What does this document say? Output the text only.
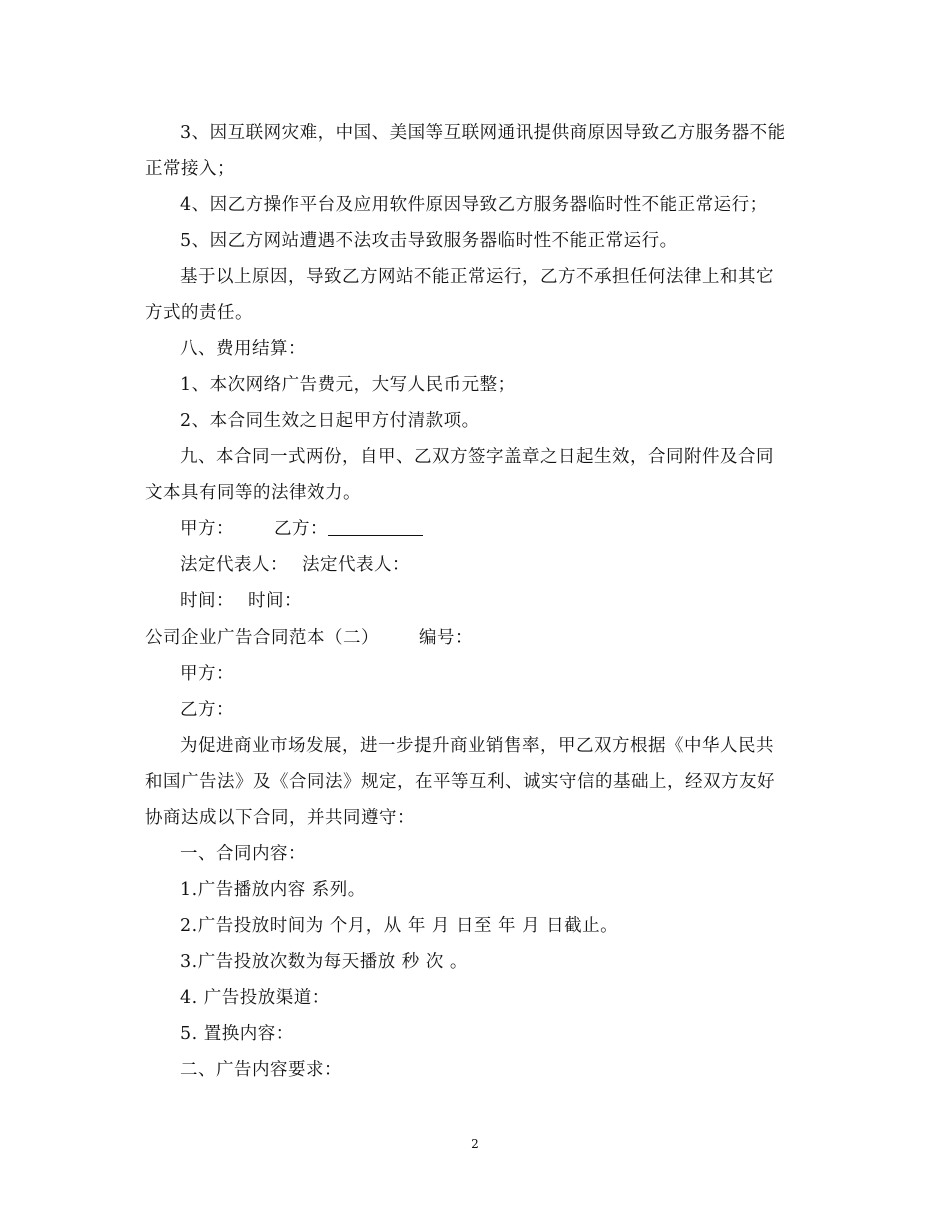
3、因互联网灾难，中国、美国等互联网通讯提供商原因导致乙方服务器不能
正常接入；
4、因乙方操作平台及应用软件原因导致乙方服务器临时性不能正常运行；
5、因乙方网站遭遇不法攻击导致服务器临时性不能正常运行。
基于以上原因，导致乙方网站不能正常运行，乙方不承担任何法律上和其它
方式的责任。
八、费用结算：
1、本次网络广告费元，大写人民币元整；
2、本合同生效之日起甲方付清款项。
九、本合同一式两份，自甲、乙双方签字盖章之日起生效，合同附件及合同
文本具有同等的法律效力。
甲方： 乙方：
法定代表人： 法定代表人：
时间： 时间：
公司企业广告合同范本（二） 编号：
甲方：
乙方：
为促进商业市场发展，进一步提升商业销售率，甲乙双方根据《中华人民共
和国广告法》及《合同法》规定，在平等互利、诚实守信的基础上，经双方友好
协商达成以下合同，并共同遵守：
一、合同内容：
1.广告播放内容 系列。
2.广告投放时间为 个月，从 年 月 日至 年 月 日截止。
3.广告投放次数为每天播放 秒 次 。
4. 广告投放渠道：
5. 置换内容：
二、广告内容要求：
2
